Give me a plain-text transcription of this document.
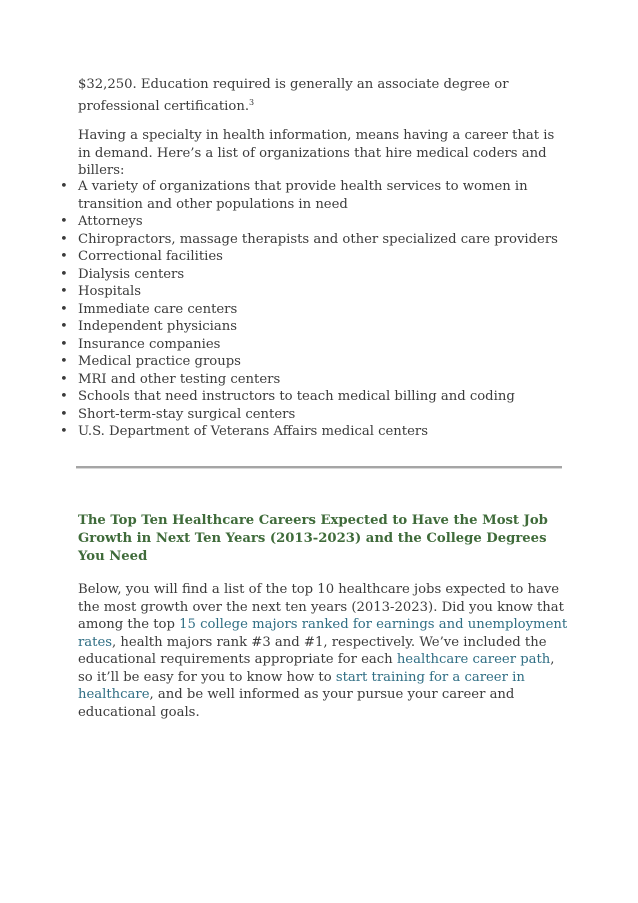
$32,250. Education required is generally an associate degree or
professional certification.$^3$

Having a specialty in health information, means having a career that is in demand. Here’s a list of organizations that hire medical coders and billers:

• A variety of organizations that provide health services to women in transition and other populations in need
• Attorneys
• Chiropractors, massage therapists and other specialized care providers
• Correctional facilities
• Dialysis centers
• Hospitals
• Immediate care centers
• Independent physicians
• Insurance companies
• Medical practice groups
• MRI and other testing centers
• Schools that need instructors to teach medical billing and coding
• Short-term-stay surgical centers
• U.S. Department of Veterans Affairs medical centers
The Top Ten Healthcare Careers Expected to Have the Most Job Growth in Next Ten Years (2013-2023) and the College Degrees You Need

Below, you will find a list of the top 10 healthcare jobs expected to have the most growth over the next ten years (2013-2023). Did you know that among the top 15 college majors ranked for earnings and unemployment rates, health majors rank #3 and #1, respectively. We’ve included the educational requirements appropriate for each healthcare career path, so it’ll be easy for you to know how to start training for a career in healthcare, and be well informed as your pursue your career and educational goals.
